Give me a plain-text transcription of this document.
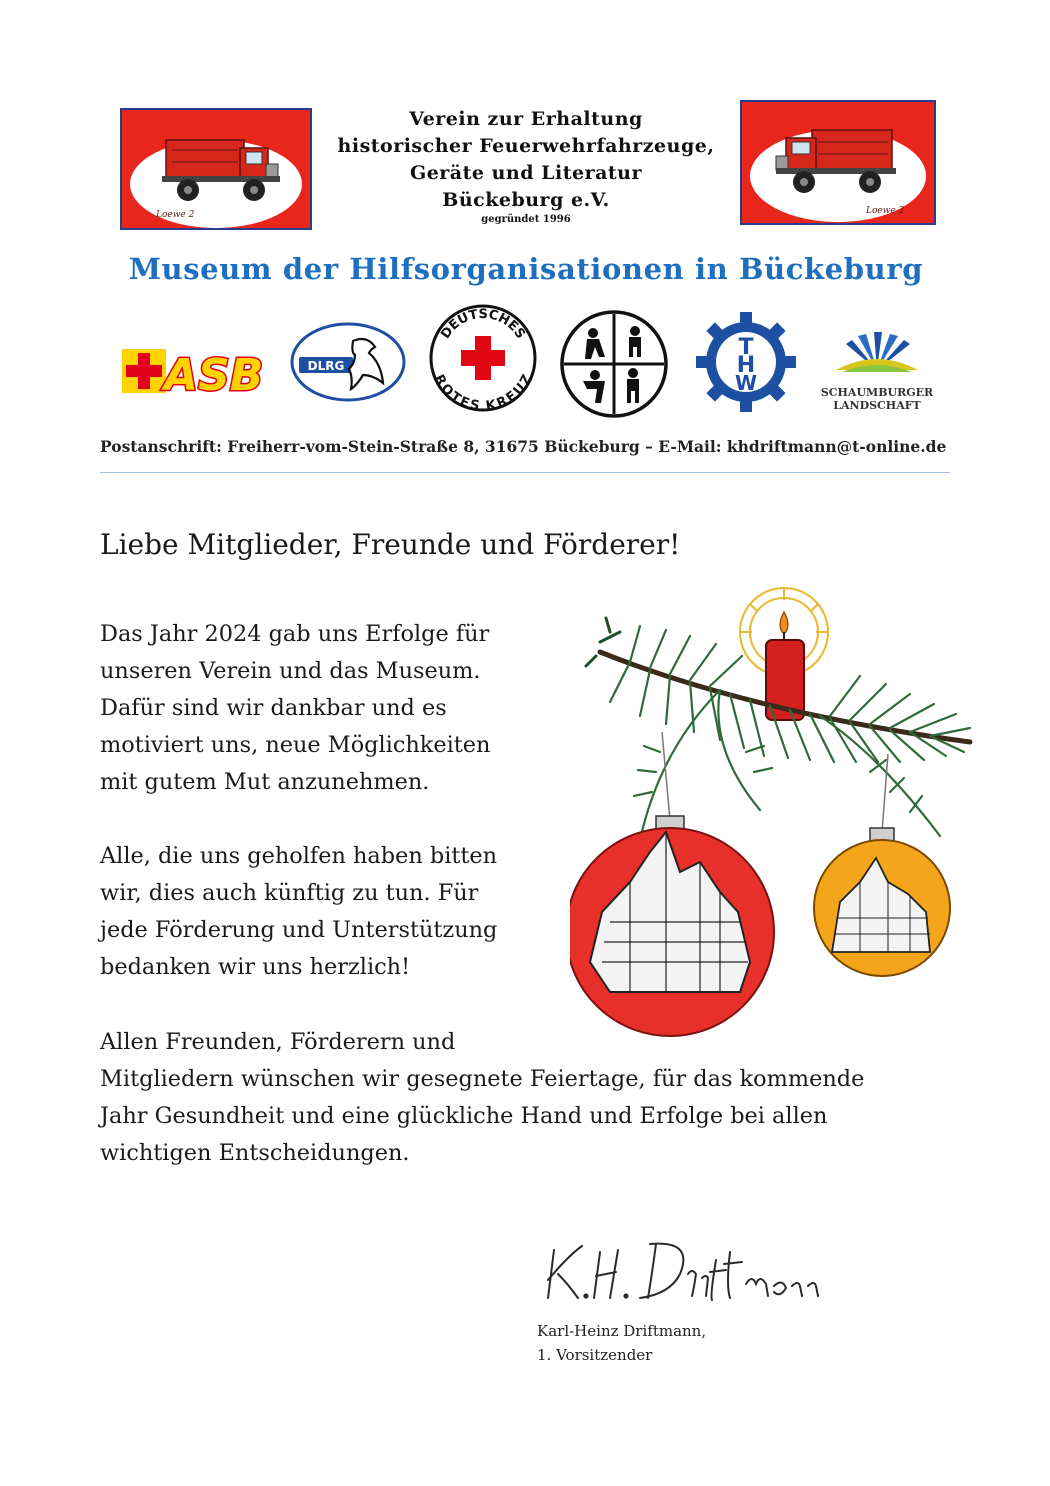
Loewe 2	Loewe 2
Verein zur Erhaltung
historischer Feuerwehrfahrzeuge,
Geräte und Literatur
Bückeburg e.V.
gegründet 1996
Museum der Hilfsorganisationen in Bückeburg
ASB	DLRG
DEUTSCHES
ROTES KREUZ
T
H
W	SCHAUMBURGER
LANDSCHAFT
Postanschrift: Freiherr-vom-Stein-Straße 8, 31675 Bückeburg – E-Mail: khdriftmann@t-online.de
Liebe Mitglieder, Freunde und Förderer!
Das Jahr 2024 gab uns Erfolge für
unseren Verein und das Museum.
Dafür sind wir dankbar und es
motiviert uns, neue Möglichkeiten
mit gutem Mut anzunehmen.
Alle, die uns geholfen haben bitten
wir, dies auch künftig zu tun. Für
jede Förderung und Unterstützung
bedanken wir uns herzlich!
Allen Freunden, Förderern und
Mitgliedern wünschen wir gesegnete Feiertage, für das kommende
Jahr Gesundheit und eine glückliche Hand und Erfolge bei allen
wichtigen Entscheidungen.
Karl-Heinz Driftmann,
1. Vorsitzender
